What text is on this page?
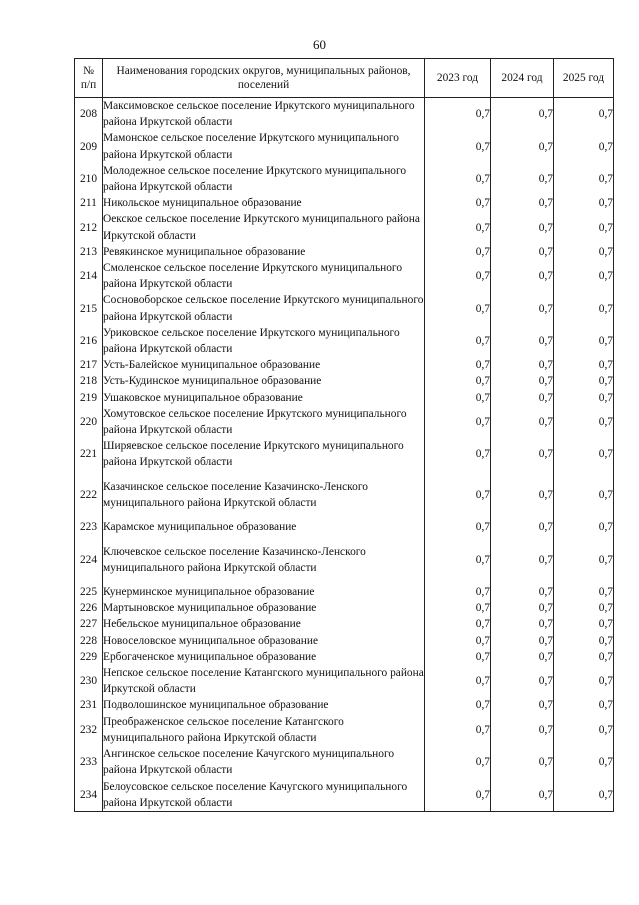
60
№
п/п	Наименования городских округов, муниципальных районов, поселений	2023 год	2024 год	2025 год
208	Максимовское сельское поселение Иркутского муниципального района Иркутской области	0,7	0,7	0,7
209	Мамонское сельское поселение Иркутского муниципального района Иркутской области	0,7	0,7	0,7
210	Молодежное сельское поселение Иркутского муниципального района Иркутской области	0,7	0,7	0,7
211	Никольское муниципальное образование	0,7	0,7	0,7
212	Оекское сельское поселение Иркутского муниципального района Иркутской области	0,7	0,7	0,7
213	Ревякинское муниципальное образование	0,7	0,7	0,7
214	Смоленское сельское поселение Иркутского муниципального района Иркутской области	0,7	0,7	0,7
215	Сосновоборское сельское поселение Иркутского муниципального района Иркутской области	0,7	0,7	0,7
216	Уриковское сельское поселение Иркутского муниципального района Иркутской области	0,7	0,7	0,7
217	Усть-Балейское муниципальное образование	0,7	0,7	0,7
218	Усть-Кудинское муниципальное образование	0,7	0,7	0,7
219	Ушаковское муниципальное образование	0,7	0,7	0,7
220	Хомутовское сельское поселение Иркутского муниципального района Иркутской области	0,7	0,7	0,7
221	Ширяевское сельское поселение Иркутского муниципального района Иркутской области	0,7	0,7	0,7
222	Казачинское сельское поселение Казачинско-Ленского муниципального района Иркутской области	0,7	0,7	0,7
223	Карамское муниципальное образование	0,7	0,7	0,7
224	Ключевское сельское поселение Казачинско-Ленского муниципального района Иркутской области	0,7	0,7	0,7
225	Кунерминское муниципальное образование	0,7	0,7	0,7
226	Мартыновское муниципальное образование	0,7	0,7	0,7
227	Небельское муниципальное образование	0,7	0,7	0,7
228	Новоселовское муниципальное образование	0,7	0,7	0,7
229	Ербогаченское муниципальное образование	0,7	0,7	0,7
230	Непское сельское поселение Катангского муниципального района Иркутской области	0,7	0,7	0,7
231	Подволошинское муниципальное образование	0,7	0,7	0,7
232	Преображенское сельское поселение Катангского муниципального района Иркутской области	0,7	0,7	0,7
233	Ангинское сельское поселение Качугского муниципального района Иркутской области	0,7	0,7	0,7
234	Белоусовское сельское поселение Качугского муниципального района Иркутской области	0,7	0,7	0,7
